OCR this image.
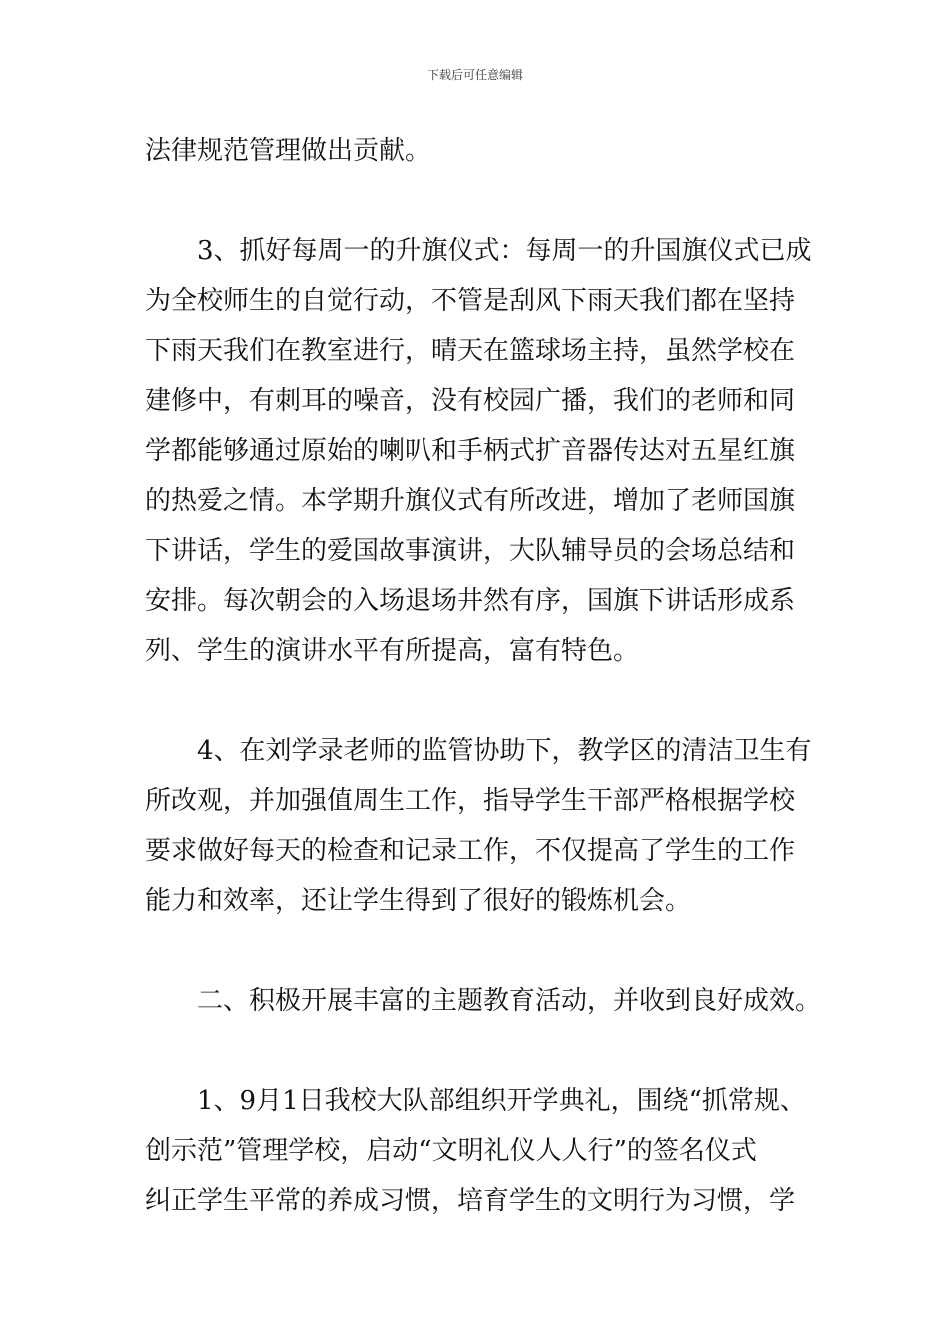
下载后可任意编辑
法律规范管理做出贡献。
　　3、抓好每周一的升旗仪式：每周一的升国旗仪式已成
为全校师生的自觉行动，不管是刮风下雨天我们都在坚持
下雨天我们在教室进行，晴天在篮球场主持，虽然学校在
建修中，有刺耳的噪音，没有校园广播，我们的老师和同
学都能够通过原始的喇叭和手柄式扩音器传达对五星红旗
的热爱之情。本学期升旗仪式有所改进，增加了老师国旗
下讲话，学生的爱国故事演讲，大队辅导员的会场总结和
安排。每次朝会的入场退场井然有序，国旗下讲话形成系
列、学生的演讲水平有所提高，富有特色。
　　4、在刘学录老师的监管协助下，教学区的清洁卫生有
所改观，并加强值周生工作，指导学生干部严格根据学校
要求做好每天的检查和记录工作，不仅提高了学生的工作
能力和效率，还让学生得到了很好的锻炼机会。
　　二、积极开展丰富的主题教育活动，并收到良好成效。
　　1、9月1日我校大队部组织开学典礼，围绕“抓常规、
创示范”管理学校，启动“文明礼仪人人行”的签名仪式
纠正学生平常的养成习惯，培育学生的文明行为习惯，学
